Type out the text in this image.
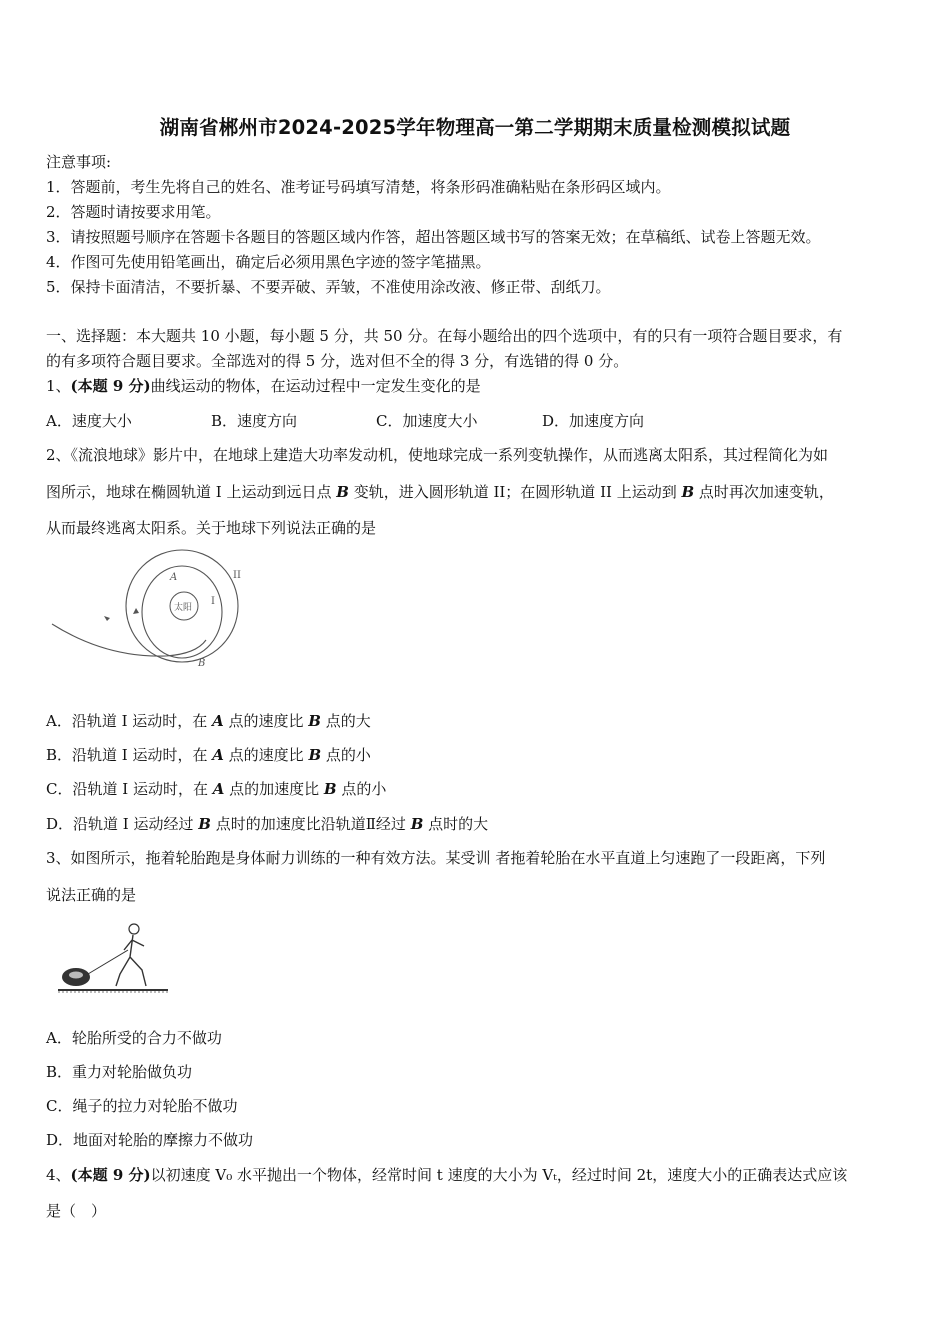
湖南省郴州市2024-2025学年物理高一第二学期期末质量检测模拟试题
注意事项:
1．答题前，考生先将自己的姓名、准考证号码填写清楚，将条形码准确粘贴在条形码区域内。
2．答题时请按要求用笔。
3．请按照题号顺序在答题卡各题目的答题区域内作答，超出答题区域书写的答案无效；在草稿纸、试卷上答题无效。
4．作图可先使用铅笔画出，确定后必须用黑色字迹的签字笔描黑。
5．保持卡面清洁，不要折暴、不要弄破、弄皱，不准使用涂改液、修正带、刮纸刀。
一、选择题：本大题共 10 小题，每小题 5 分，共 50 分。在每小题给出的四个选项中，有的只有一项符合题目要求，有
的有多项符合题目要求。全部选对的得 5 分，选对但不全的得 3 分，有选错的得 0 分。
1、(本题 9 分)曲线运动的物体，在运动过程中一定发生变化的是
A．速度大小	B．速度方向	C．加速度大小	D．加速度方向
2、《流浪地球》影片中，在地球上建造大功率发动机，使地球完成一系列变轨操作，从而逃离太阳系，其过程简化为如
图所示，地球在椭圆轨道 I 上运动到远日点 B 变轨，进入圆形轨道 II；在圆形轨道 II 上运动到 B 点时再次加速变轨，
从而最终逃离太阳系。关于地球下列说法正确的是
A
B
太阳
I
II
A．沿轨道 I 运动时，在 A 点的速度比 B 点的大
B．沿轨道 I 运动时，在 A 点的速度比 B 点的小
C．沿轨道 I 运动时，在 A 点的加速度比 B 点的小
D．沿轨道 I 运动经过 B 点时的加速度比沿轨道Ⅱ经过 B 点时的大
3、如图所示，拖着轮胎跑是身体耐力训练的一种有效方法。某受训 者拖着轮胎在水平直道上匀速跑了一段距离，下列
说法正确的是
A．轮胎所受的合力不做功
B．重力对轮胎做负功
C．绳子的拉力对轮胎不做功
D．地面对轮胎的摩擦力不做功
4、(本题 9 分)以初速度 V₀ 水平抛出一个物体，经常时间 t 速度的大小为 Vₜ，经过时间 2t，速度大小的正确表达式应该
是（　）
